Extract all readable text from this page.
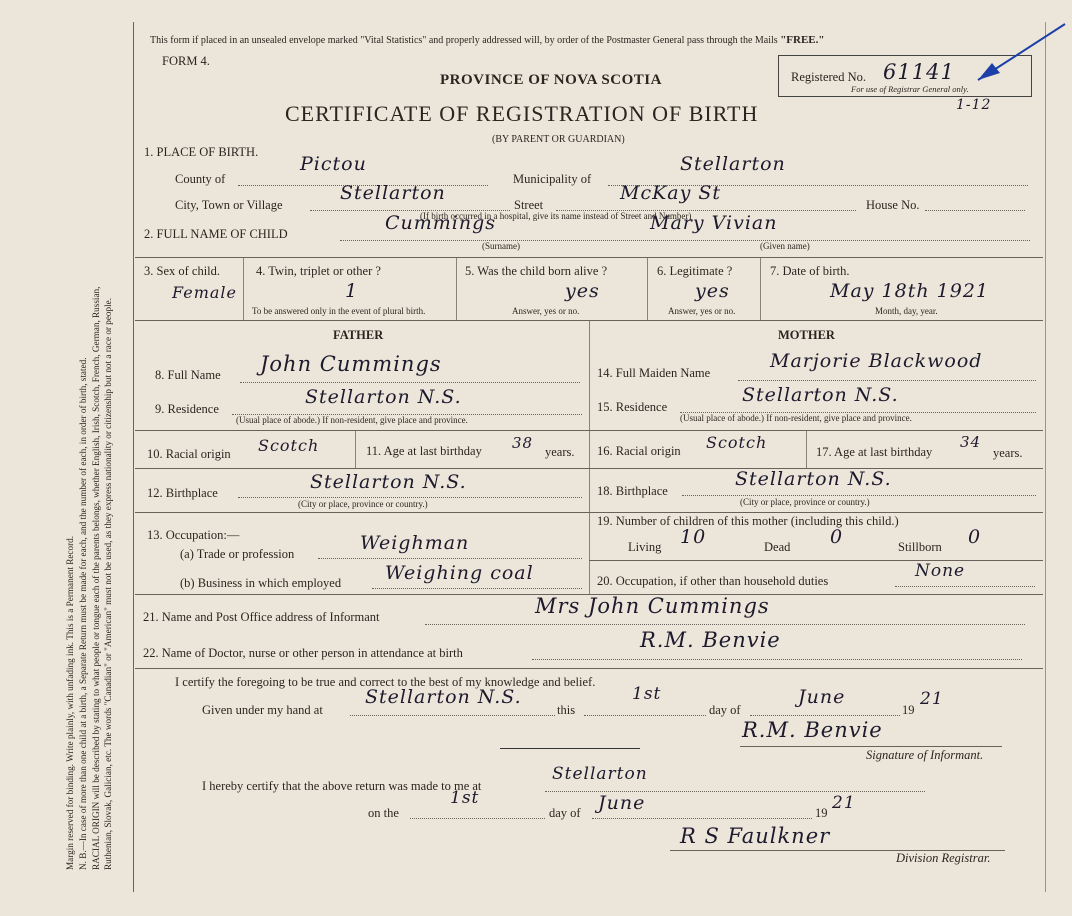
Margin reserved for binding. Write plainly, with unfading ink. This is a Permanent Record. N. B.—In case of more than one child at a birth, a Separate Return must be made for each, and the number of each, in order of birth, stated. RACIAL ORIGIN will be described by stating to what people or tongue each of the parents belongs, whether English, Irish, Scotch, French, German, Russian, Ruthenian, Slovak, Galician, etc. The words "Canadian" or "American" must not be used, as they express nationality or citizenship but not a race or people.
This form if placed in an unsealed envelope marked "Vital Statistics" and properly addressed will, by order of the Postmaster General pass through the Mails "FREE."
FORM 4.
PROVINCE OF NOVA SCOTIA
CERTIFICATE OF REGISTRATION OF BIRTH
(BY PARENT OR GUARDIAN)
Registered No. 61141
For use of Registrar General only.
1-12
1. PLACE OF BIRTH.
County of
Pictou
Municipality of
Stellarton
City, Town or Village
Stellarton
Street
McKay St
House No.
(If birth occurred in a hospital, give its name instead of Street and Number)
2. FULL NAME OF CHILD	Cummings	Mary Vivian
(Surname)	(Given name)
3. Sex of child.
Female
4. Twin, triplet or other ?
1
To be answered only in the event of plural birth.
5. Was the child born alive ?
yes
Answer, yes or no.
6. Legitimate ?
yes
Answer, yes or no.
7. Date of birth.
May 18th 1921
Month, day, year.
FATHER
8. Full Name John Cummings
9. Residence
Stellarton N.S.
(Usual place of abode.) If non-resident, give place and province.
10. Racial origin Scotch	11. Age at last birthday 38 years.
12. Birthplace	Stellarton N.S.
(City or place, province or country.)
13. Occupation:—
(a) Trade or profession	Weighman
(b) Business in which employed Weighing coal
MOTHER
14. Full Maiden Name
Marjorie Blackwood
15. Residence
Stellarton N.S.
(Usual place of abode.) If non-resident, give place and province.
16. Racial origin Scotch	17. Age at last birthday
34
years.
18. Birthplace
Stellarton N.S.
(City or place, province or country.)
19. Number of children of this mother (including this child.)
Living 10	Dead 0	Stillborn 0
20. Occupation, if other than household duties	None
21. Name and Post Office address of Informant	Mrs John Cummings
22. Name of Doctor, nurse or other person in attendance at birth
R.M. Benvie
I certify the foregoing to be true and correct to the best of my knowledge and belief.
Given under my hand at
Stellarton N.S.
this
1st
day of
June
19
21
R.M. Benvie
Signature of Informant.
I hereby certify that the above return was made to me at
Stellarton
on the
1st
day of June	19 21
R S Faulkner
Division Registrar.
